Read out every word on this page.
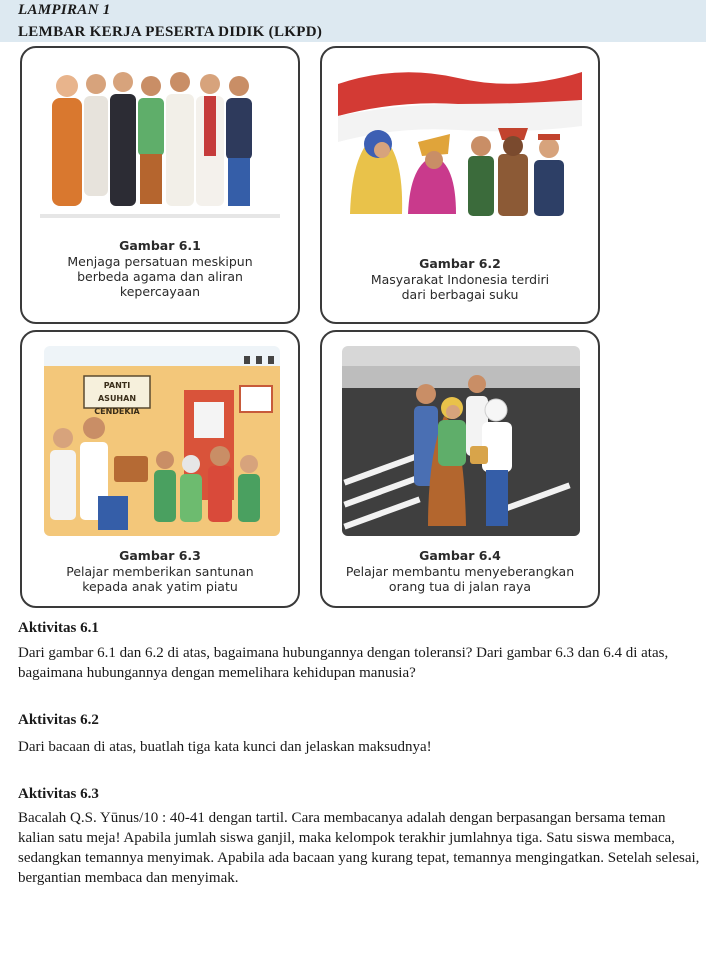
LAMPIRAN 1
LEMBAR KERJA PESERTA DIDIK (LKPD)
Gambar 6.1
Menjaga persatuan meskipun
berbeda agama dan aliran
kepercayaan
Gambar 6.2
Masyarakat Indonesia terdiri
dari berbagai suku
PANTI ASUHAN
CENDEKIA
Gambar 6.3
Pelajar memberikan santunan
kepada anak yatim piatu
Gambar 6.4
Pelajar membantu menyeberangkan
orang tua di jalan raya
Aktivitas 6.1
Dari gambar 6.1 dan 6.2 di atas, bagaimana hubungannya dengan toleransi? Dari gambar 6.3 dan 6.4 di atas, bagaimana hubungannya dengan memelihara kehidupan manusia?
Aktivitas 6.2
Dari bacaan di atas, buatlah tiga kata kunci dan jelaskan maksudnya!
Aktivitas 6.3
Bacalah Q.S. Yūnus/10 : 40-41 dengan tartil. Cara membacanya adalah dengan berpasangan bersama teman kalian satu meja! Apabila jumlah siswa ganjil, maka kelompok terakhir jumlahnya tiga. Satu siswa membaca, sedangkan temannya menyimak. Apabila ada bacaan yang kurang tepat, temannya mengingatkan. Setelah selesai, bergantian membaca dan menyimak.
